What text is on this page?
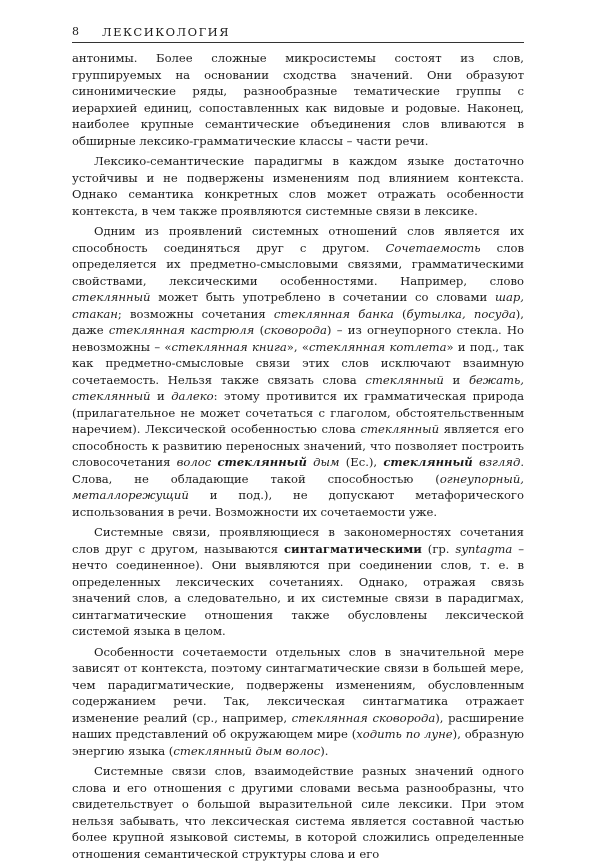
8 ЛЕКСИКОЛОГИЯ

антонимы. Более сложные микросистемы состоят из слов, группируемых на основании сходства значений. Они образуют синонимические ряды, разнообразные тематические группы с иерархией единиц, сопоставленных как видовые и родовые. Наконец, наиболее крупные семантические объединения слов вливаются в обширные лексико-грамматические классы – части речи.

Лексико-семантические парадигмы в каждом языке достаточно устойчивы и не подвержены изменениям под влиянием контекста. Однако семантика конкретных слов может отражать особенности контекста, в чем также проявляются системные связи в лексике.

Одним из проявлений системных отношений слов является их способность соединяться друг с другом. Сочетаемость слов определяется их предметно-смысловыми связями, грамматическими свойствами, лексическими особенностями. Например, слово стеклянный может быть употреблено в сочетании со словами шар, стакан; возможны сочетания стеклянная банка (бутылка, посуда), даже стеклянная кастрюля (сковорода) – из огнеупорного стекла. Но невозможны – «стеклянная книга», «стеклянная котлета» и под., так как предметно-смысловые связи этих слов исключают взаимную сочетаемость. Нельзя также связать слова стеклянный и бежать, стеклянный и далеко: этому противится их грамматическая природа (прилагательное не может сочетаться с глаголом, обстоятельственным наречием). Лексической особенностью слова стеклянный является его способность к развитию переносных значений, что позволяет построить словосочетания волос стеклянный дым (Ес.), стеклянный взгляд. Слова, не обладающие такой способностью (огнеупорный, металлорежущий и под.), не допускают метафорического использования в речи. Возможности их сочетаемости уже.

Системные связи, проявляющиеся в закономерностях сочетания слов друг с другом, называются синтагматическими (гр. syntagma – нечто соединенное). Они выявляются при соединении слов, т. е. в определенных лексических сочетаниях. Однако, отражая связь значений слов, а следовательно, и их системные связи в парадигмах, синтагматические отношения также обусловлены лексической системой языка в целом.

Особенности сочетаемости отдельных слов в значительной мере зависят от контекста, поэтому синтагматические связи в большей мере, чем парадигматические, подвержены изменениям, обусловленным содержанием речи. Так, лексическая синтагматика отражает изменение реалий (ср., например, стеклянная сковорода), расширение наших представлений об окружающем мире (ходить по луне), образную энергию языка (стеклянный дым волос).

Системные связи слов, взаимодействие разных значений одного слова и его отношения с другими словами весьма разнообразны, что свидетельствует о большой выразительной силе лексики. При этом нельзя забывать, что лексическая система является составной частью более крупной языковой системы, в которой сложились определенные отношения семантической структуры слова и его
